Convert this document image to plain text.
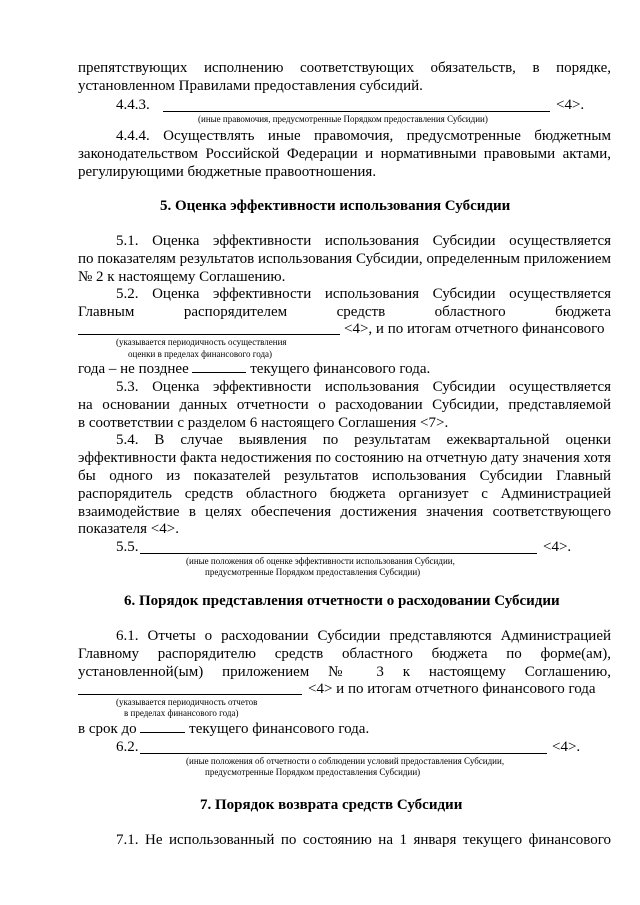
препятствующих исполнению соответствующих обязательств, в порядке,
установленном Правилами предоставления субсидий.
4.4.3.	<4>.
(иные правомочия, предусмотренные Порядком предоставления Субсидии)
4.4.4. Осуществлять иные правомочия, предусмотренные бюджетным
законодательством Российской Федерации и нормативными правовыми актами,
регулирующими бюджетные правоотношения.
5. Оценка эффективности использования Субсидии
5.1. Оценка эффективности использования Субсидии осуществляется
по показателям результатов использования Субсидии, определенным приложением
№ 2 к настоящему Соглашению.
5.2. Оценка эффективности использования Субсидии осуществляется
Главным распорядителем средств областного бюджета
<4>, и по итогам отчетного финансового
(указывается периодичность осуществления
оценки в пределах финансового года)
года – не позднее	текущего финансового года.
5.3. Оценка эффективности использования Субсидии осуществляется
на основании данных отчетности о расходовании Субсидии, представляемой
в соответствии с разделом 6 настоящего Соглашения <7>.
5.4. В случае выявления по результатам ежеквартальной оценки
эффективности факта недостижения по состоянию на отчетную дату значения хотя
бы одного из показателей результатов использования Субсидии Главный
распорядитель средств областного бюджета организует с Администрацией
взаимодействие в целях обеспечения достижения значения соответствующего
показателя <4>.
5.5.	<4>.
(иные положения об оценке эффективности использования Субсидии,
предусмотренные Порядком предоставления Субсидии)
6. Порядок представления отчетности о расходовании Субсидии
6.1. Отчеты о расходовании Субсидии представляются Администрацией
Главному распорядителю средств областного бюджета по форме(ам),
установленной(ым) приложением № 3 к настоящему Соглашению,
<4> и по итогам отчетного финансового года
(указывается периодичность отчетов
в пределах финансового года)
в срок до	текущего финансового года.
6.2.	<4>.
(иные положения об отчетности о соблюдении условий предоставления Субсидии,
предусмотренные Порядком предоставления Субсидии)
7. Порядок возврата средств Субсидии
7.1. Не использованный по состоянию на 1 января текущего финансового
